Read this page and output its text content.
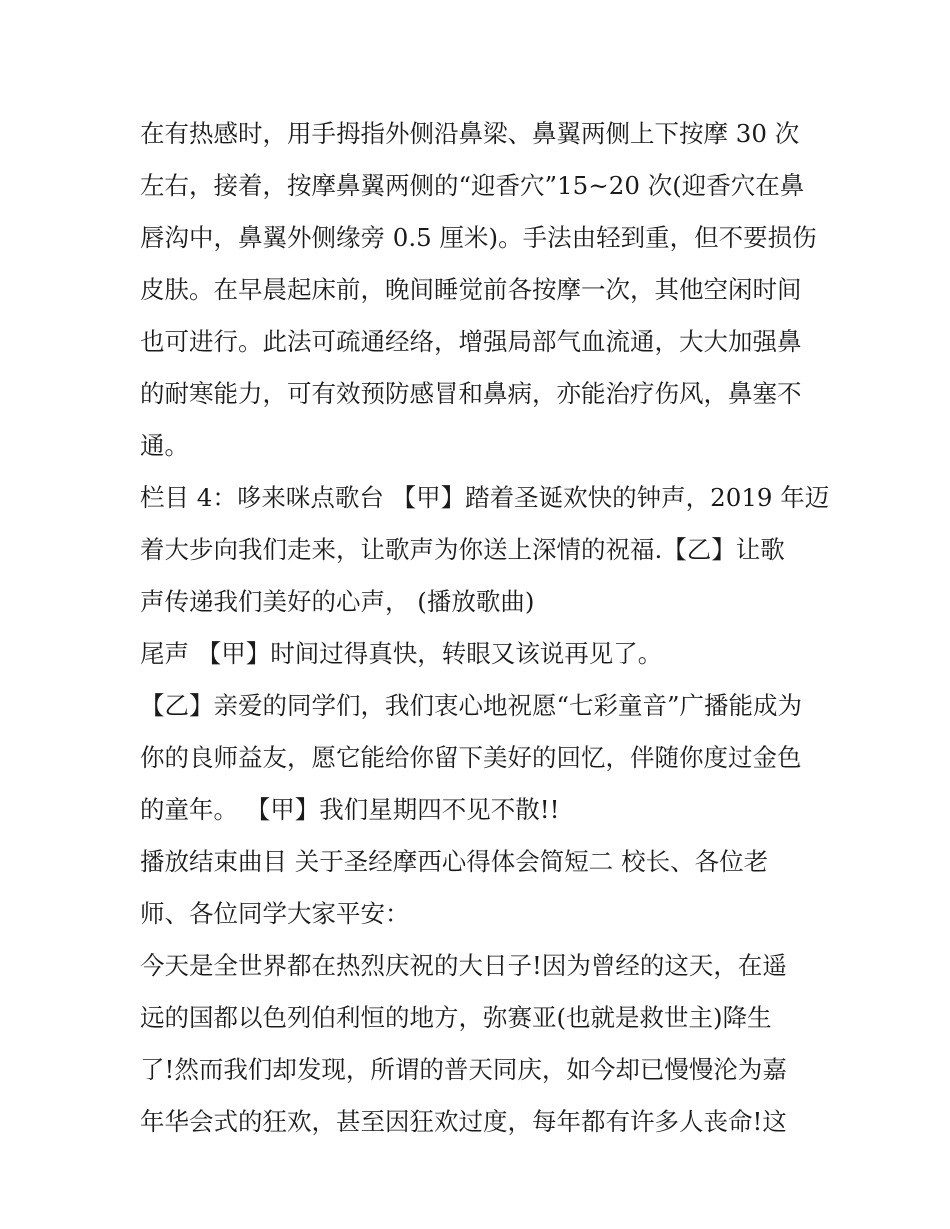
在有热感时，用手拇指外侧沿鼻梁、鼻翼两侧上下按摩 30 次
左右，接着，按摩鼻翼两侧的“迎香穴”15~20 次(迎香穴在鼻
唇沟中，鼻翼外侧缘旁 0.5 厘米)。手法由轻到重，但不要损伤
皮肤。在早晨起床前，晚间睡觉前各按摩一次，其他空闲时间
也可进行。此法可疏通经络，增强局部气血流通，大大加强鼻
的耐寒能力，可有效预防感冒和鼻病，亦能治疗伤风，鼻塞不
通。
栏目 4：哆来咪点歌台 【甲】踏着圣诞欢快的钟声，2019 年迈
着大步向我们走来，让歌声为你送上深情的祝福.【乙】让歌
声传递我们美好的心声， (播放歌曲)
尾声 【甲】时间过得真快，转眼又该说再见了。
【乙】亲爱的同学们，我们衷心地祝愿“七彩童音”广播能成为
你的良师益友，愿它能给你留下美好的回忆，伴随你度过金色
的童年。 【甲】我们星期四不见不散!!
播放结束曲目 关于圣经摩西心得体会简短二 校长、各位老
师、各位同学大家平安：
今天是全世界都在热烈庆祝的大日子!因为曾经的这天，在遥
远的国都以色列伯利恒的地方，弥赛亚(也就是救世主)降生
了!然而我们却发现，所谓的普天同庆，如今却已慢慢沦为嘉
年华会式的狂欢，甚至因狂欢过度，每年都有许多人丧命!这
